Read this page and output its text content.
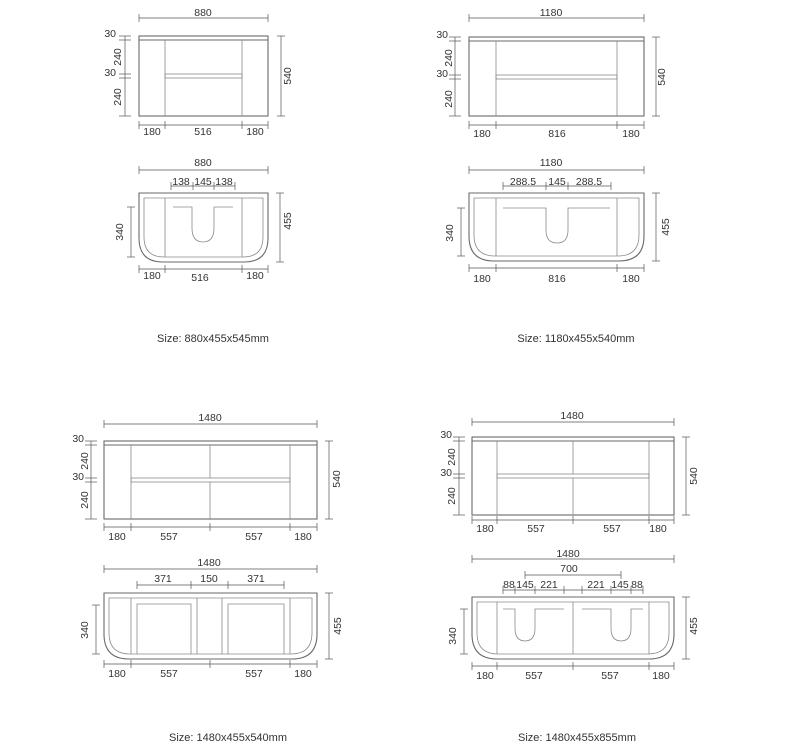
880
30
240
30
240
540
180	516	180
880
138 145 138
340
455
180	516	180
Size: 880x455x545mm
1180
30
240
30
240
540
180	816	180
1180
288.5 145 288.5
340	455
180	816	180
Size: 1180x455x540mm
1480
30
240
30
240
540
180	557	557	180
1480
371	150	371
340	455
180	557	557	180
Size: 1480x455x540mm
1480
30
240
30
240
540
180	557	557	180
1480
700
88 145 221	221 145 88
340
455
180	557	557	180
Size: 1480x455x855mm
